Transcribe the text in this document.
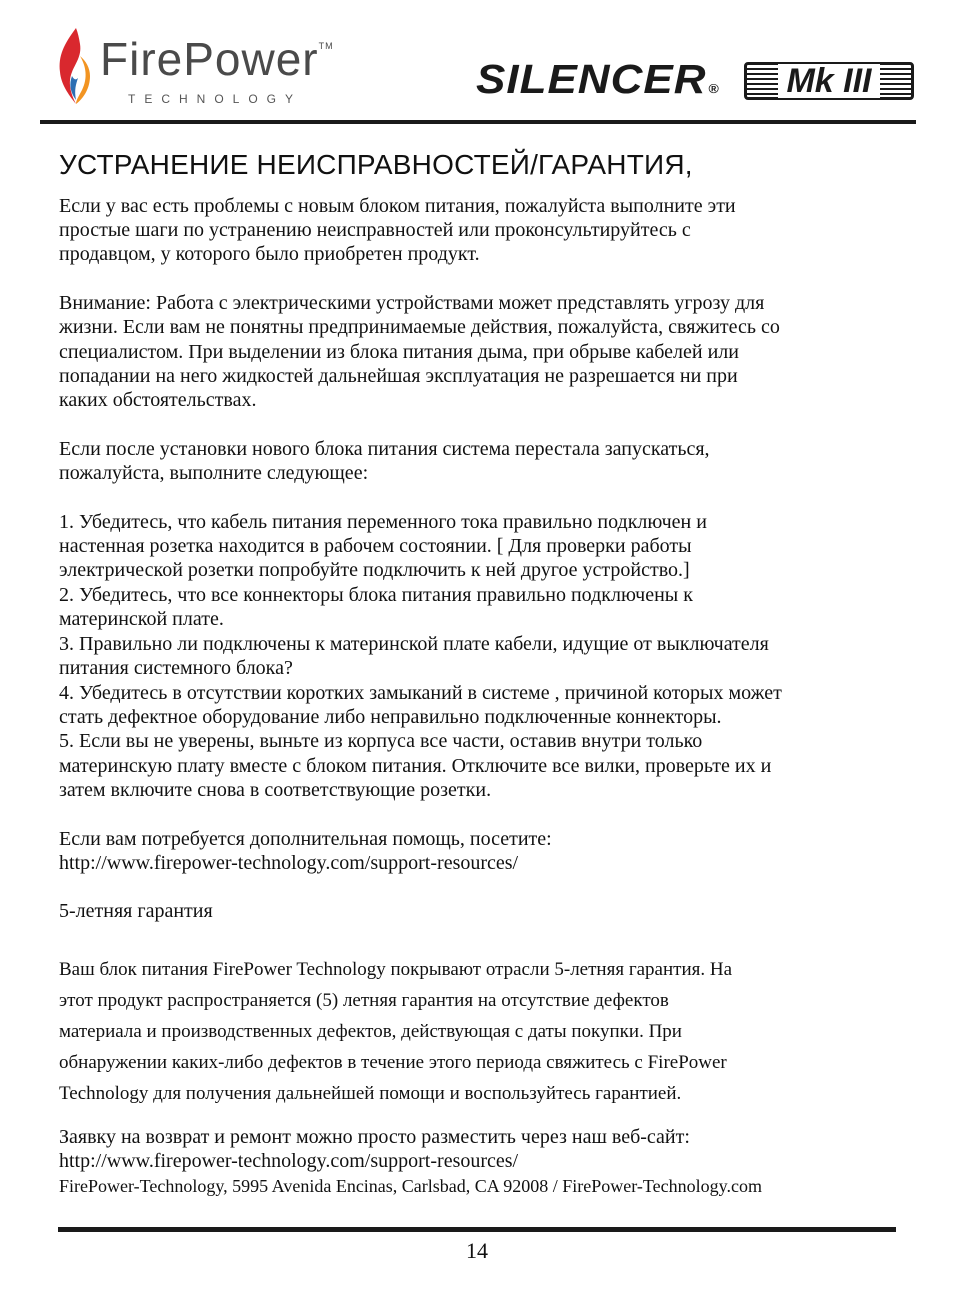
FirePower™
TECHNOLOGY	SILENCER ® Mk III
УСТРАНЕНИЕ НЕИСПРАВНОСТЕЙ/ГАРАНТИЯ,

Если у вас есть проблемы с новым блоком питания, пожалуйста выполните эти
простые шаги по устранению неисправностей или проконсультируйтесь с
продавцом, у которого было приобретен продукт.

Внимание: Работа с электрическими устройствами может представлять угрозу для
жизни. Если вам не понятны предпринимаемые действия, пожалуйста, свяжитесь со
специалистом. При выделении из блока питания дыма, при обрыве кабелей или
попадании на него жидкостей дальнейшая эксплуатация не разрешается ни при
каких обстоятельствах.

Если после установки нового блока питания система перестала запускаться,
пожалуйста, выполните следующее:

1. Убедитесь, что кабель питания переменного тока правильно подключен и
настенная розетка находится в рабочем состоянии. [ Для проверки работы
электрической розетки попробуйте подключить к ней другое устройство.]

2. Убедитесь, что все коннекторы блока питания правильно подключены к
материнской плате.

3. Правильно ли подключены к материнской плате кабели, идущие от выключателя
питания системного блока?

4. Убедитесь в отсутствии коротких замыканий в системе , причиной которых может
стать дефектное оборудование либо неправильно подключенные коннекторы.

5. Если вы не уверены, выньте из корпуса все части, оставив внутри только
материнскую плату вместе с блоком питания. Отключите все вилки, проверьте их и
затем включите снова в соответствующие розетки.

Если вам потребуется дополнительная помощь, посетите:
http://www.firepower-technology.com/support-resources/

5-летняя гарантия

Ваш блок питания FirePower Technology покрывают отрасли 5-летняя гарантия. На
этот продукт распространяется (5) летняя гарантия на отсутствие дефектов
материала и производственных дефектов, действующая с даты покупки. При
обнаружении каких-либо дефектов в течение этого периода свяжитесь с FirePower
Technology для получения дальнейшей помощи и воспользуйтесь гарантией.

Заявку на возврат и ремонт можно просто разместить через наш веб-сайт:
http://www.firepower-technology.com/support-resources/

FirePower-Technology, 5995 Avenida Encinas, Carlsbad, CA 92008 / FirePower-Technology.com

14
